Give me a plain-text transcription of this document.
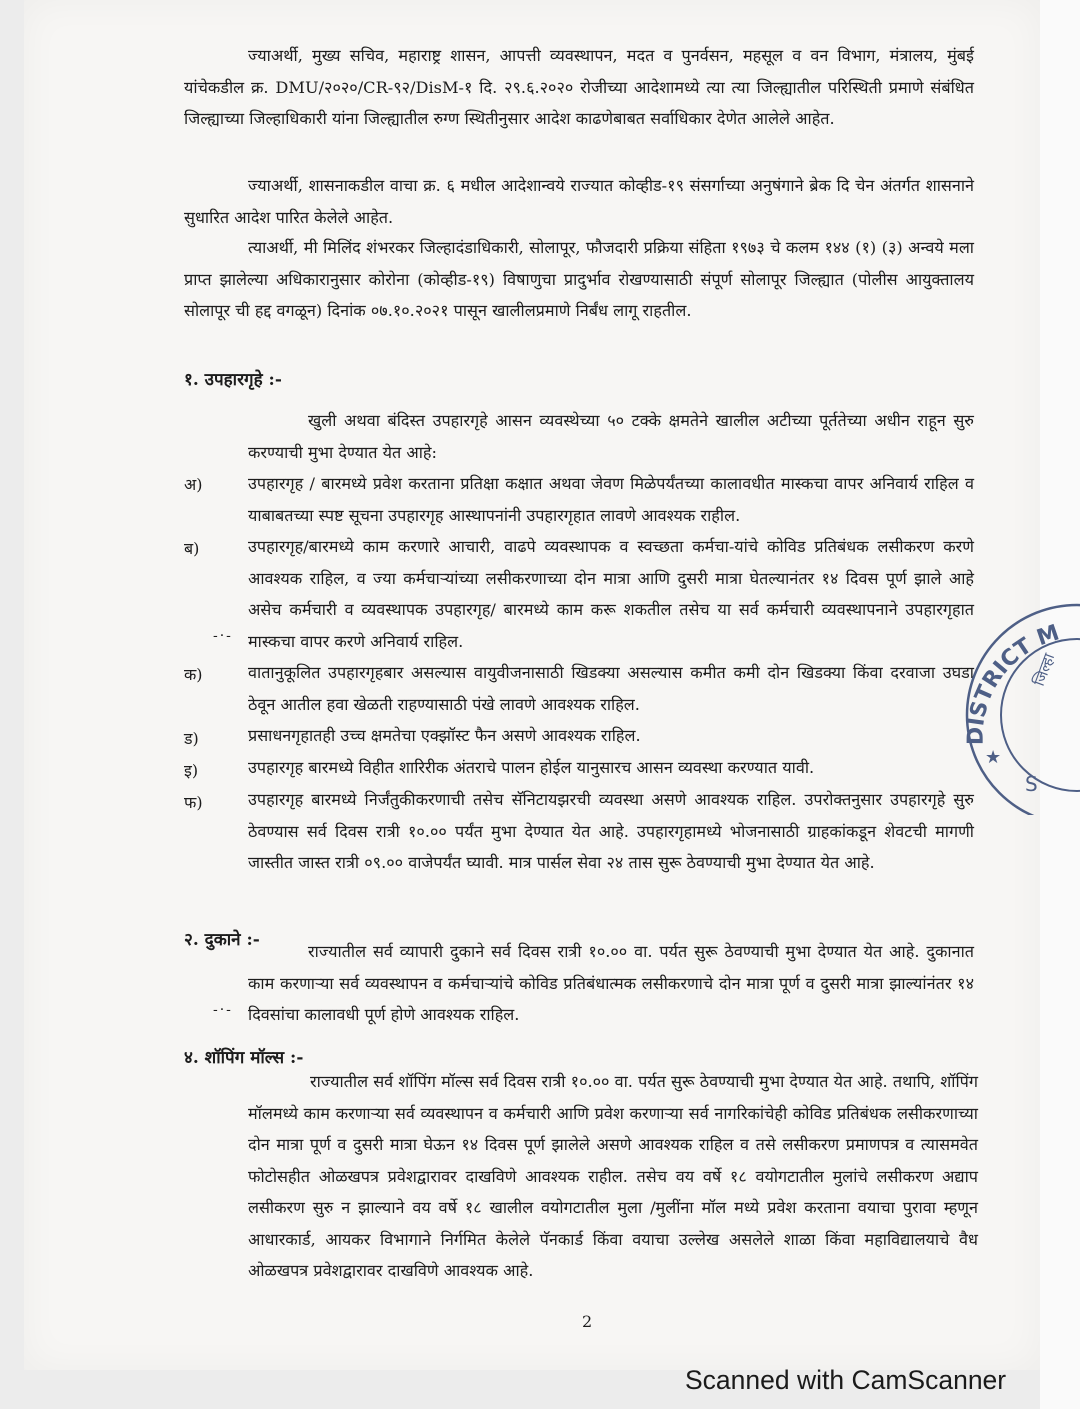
ज्याअर्थी, मुख्य सचिव, महाराष्ट्र शासन, आपत्ती व्यवस्थापन, मदत व पुनर्वसन, महसूल व वन विभाग, मंत्रालय, मुंबई यांचेकडील क्र. DMU/२०२०/CR-९२/DisM-१ दि. २९.६.२०२० रोजीच्या आदेशामध्ये त्या त्या जिल्ह्यातील परिस्थिती प्रमाणे संबंधित जिल्ह्याच्या जिल्हाधिकारी यांना जिल्ह्यातील रुग्ण स्थितीनुसार आदेश काढणेबाबत सर्वाधिकार देणेत आलेले आहेत.

ज्याअर्थी, शासनाकडील वाचा क्र. ६ मधील आदेशान्वये राज्यात कोव्हीड-१९ संसर्गाच्या अनुषंगाने ब्रेक दि चेन अंतर्गत शासनाने सुधारित आदेश पारित केलेले आहेत.

त्याअर्थी, मी मिलिंद शंभरकर जिल्हादंडाधिकारी, सोलापूर, फौजदारी प्रक्रिया संहिता १९७३ चे कलम १४४ (१) (३) अन्वये मला प्राप्त झालेल्या अधिकारानुसार कोरोना (कोव्हीड-१९) विषाणुचा प्रादुर्भाव रोखण्यासाठी संपूर्ण सोलापूर जिल्ह्यात (पोलीस आयुक्तालय सोलापूर ची हद्द वगळून) दिनांक ०७.१०.२०२१ पासून खालीलप्रमाणे निर्बंध लागू राहतील.

१. उपहारगृहे :-

खुली अथवा बंदिस्त उपहारगृहे आसन व्यवस्थेच्या ५० टक्के क्षमतेने खालील अटीच्या पूर्ततेच्या अधीन राहून सुरु करण्याची मुभा देण्यात येत आहे:

अ)	उपहारगृह / बारमध्ये प्रवेश करताना प्रतिक्षा कक्षात अथवा जेवण मिळेपर्यंतच्या कालावधीत मास्कचा वापर अनिवार्य राहिल व याबाबतच्या स्पष्ट सूचना उपहारगृह आस्थापनांनी उपहारगृहात लावणे आवश्यक राहील.

ब)	उपहारगृह/बारमध्ये काम करणारे आचारी, वाढपे व्यवस्थापक व स्वच्छता कर्मचा-यांचे कोविड प्रतिबंधक लसीकरण करणे आवश्यक राहिल, व ज्या कर्मचाऱ्यांच्या लसीकरणाच्या दोन मात्रा आणि दुसरी मात्रा घेतल्यानंतर १४ दिवस पूर्ण झाले आहे असेच कर्मचारी व व्यवस्थापक उपहारगृह/ बारमध्ये काम करू शकतील तसेच या सर्व कर्मचारी व्यवस्थापनाने उपहारगृहात मास्कचा वापर करणे अनिवार्य राहिल.

-·-
क)	वातानुकूलित उपहारगृहबार असल्यास वायुवीजनासाठी खिडक्या असल्यास कमीत कमी दोन खिडक्या किंवा दरवाजा उघडा ठेवून आतील हवा खेळती राहण्यासाठी पंखे लावणे आवश्यक राहिल.

ड)	प्रसाधनगृहातही उच्च क्षमतेचा एक्झॉस्ट फैन असणे आवश्यक राहिल.

इ)	उपहारगृह बारमध्ये विहीत शारिरीक अंतराचे पालन होईल यानुसारच आसन व्यवस्था करण्यात यावी.

फ)	उपहारगृह बारमध्ये निर्जंतुकीकरणाची तसेच सॅनिटायझरची व्यवस्था असणे आवश्यक राहिल. उपरोक्तनुसार उपहारगृहे सुरु ठेवण्यास सर्व दिवस रात्री १०.०० पर्यंत मुभा देण्यात येत आहे. उपहारगृहामध्ये भोजनासाठी ग्राहकांकडून शेवटची मागणी जास्तीत जास्त रात्री ०९.०० वाजेपर्यंत घ्यावी. मात्र पार्सल सेवा २४ तास सुरू ठेवण्याची मुभा देण्यात येत आहे.

२. दुकाने :-

राज्यातील सर्व व्यापारी दुकाने सर्व दिवस रात्री १०.०० वा. पर्यत सुरू ठेवण्याची मुभा देण्यात येत आहे. दुकानात काम करणाऱ्या सर्व व्यवस्थापन व कर्मचाऱ्यांचे कोविड प्रतिबंधात्मक लसीकरणाचे दोन मात्रा पूर्ण व दुसरी मात्रा झाल्यांनंतर १४ दिवसांचा कालावधी पूर्ण होणे आवश्यक राहिल.

-·-
४. शॉपिंग मॉल्स :-

राज्यातील सर्व शॉपिंग मॉल्स सर्व दिवस रात्री १०.०० वा. पर्यत सुरू ठेवण्याची मुभा देण्यात येत आहे. तथापि, शॉपिंग मॉलमध्ये काम करणाऱ्या सर्व व्यवस्थापन व कर्मचारी आणि प्रवेश करणाऱ्या सर्व नागरिकांचेही कोविड प्रतिबंधक लसीकरणाच्या दोन मात्रा पूर्ण व दुसरी मात्रा घेऊन १४ दिवस पूर्ण झालेले असणे आवश्यक राहिल व तसे लसीकरण प्रमाणपत्र व त्यासमवेत फोटोसहीत ओळखपत्र प्रवेशद्वारावर दाखविणे आवश्यक राहील. तसेच वय वर्षे १८ वयोगटातील मुलांचे लसीकरण अद्याप लसीकरण सुरु न झाल्याने वय वर्षे १८ खालील वयोगटातील मुला /मुलींना मॉल मध्ये प्रवेश करताना वयाचा पुरावा म्हणून आधारकार्ड, आयकर विभागाने निर्गमित केलेले पॅनकार्ड किंवा वयाचा उल्लेख असलेले शाळा किंवा महाविद्यालयाचे वैध ओळखपत्र प्रवेशद्वारावर दाखविणे आवश्यक आहे.

2
DISTRICT M
★
S
जिल्हा
Scanned with CamScanner
